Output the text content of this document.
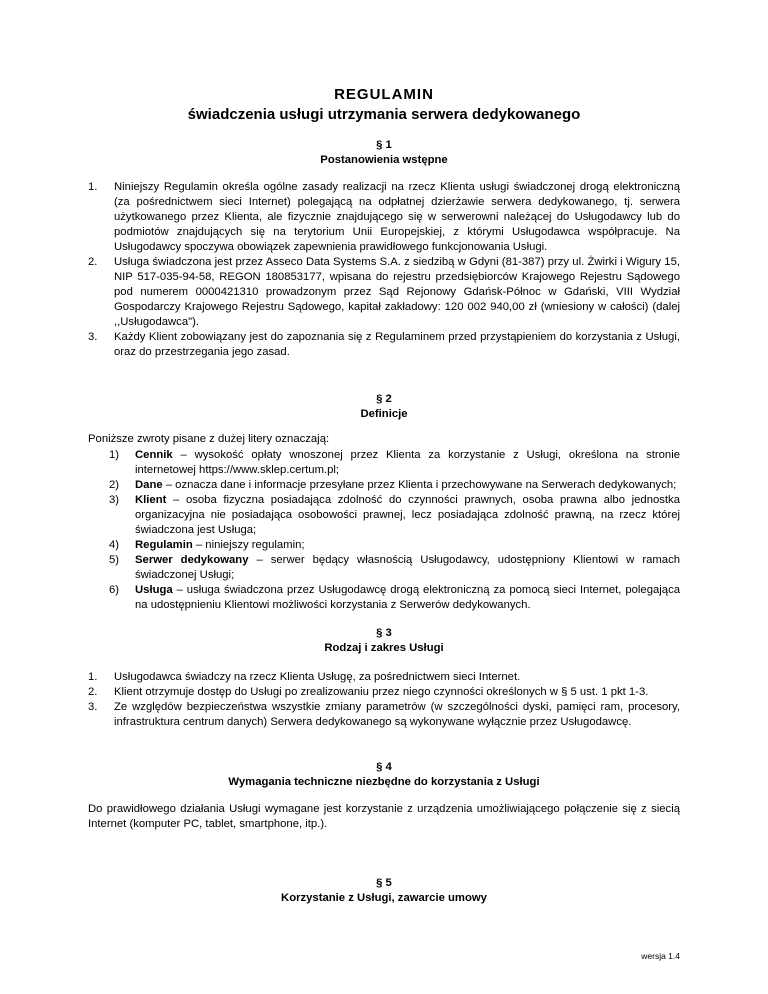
REGULAMIN
świadczenia usługi utrzymania serwera dedykowanego
§ 1
Postanowienia wstępne
1. Niniejszy Regulamin określa ogólne zasady realizacji na rzecz Klienta usługi świadczonej drogą elektroniczną (za pośrednictwem sieci Internet) polegającą na odpłatnej dzierżawie serwera dedykowanego, tj. serwera użytkowanego przez Klienta, ale fizycznie znajdującego się w serwerowni należącej do Usługodawcy lub do podmiotów znajdujących się na terytorium Unii Europejskiej, z którymi Usługodawca współpracuje. Na Usługodawcy spoczywa obowiązek zapewnienia prawidłowego funkcjonowania Usługi.
2. Usługa świadczona jest przez Asseco Data Systems S.A. z siedzibą w Gdyni (81-387) przy ul. Żwirki i Wigury 15, NIP 517-035-94-58, REGON 180853177, wpisana do rejestru przedsiębiorców Krajowego Rejestru Sądowego pod numerem 0000421310 prowadzonym przez Sąd Rejonowy Gdańsk-Północ w Gdański, VIII Wydział Gospodarczy Krajowego Rejestru Sądowego, kapitał zakładowy: 120 002 940,00 zł (wniesiony w całości) (dalej ,,Usługodawca").
3. Każdy Klient zobowiązany jest do zapoznania się z Regulaminem przed przystąpieniem do korzystania z Usługi, oraz do przestrzegania jego zasad.
§ 2
Definicje
Poniższe zwroty pisane z dużej litery oznaczają:
1) Cennik – wysokość opłaty wnoszonej przez Klienta za korzystanie z Usługi, określona na stronie internetowej https://www.sklep.certum.pl;
2) Dane – oznacza dane i informacje przesyłane przez Klienta i przechowywane na Serwerach dedykowanych;
3) Klient – osoba fizyczna posiadająca zdolność do czynności prawnych, osoba prawna albo jednostka organizacyjna nie posiadająca osobowości prawnej, lecz posiadająca zdolność prawną, na rzecz której świadczona jest Usługa;
4) Regulamin – niniejszy regulamin;
5) Serwer dedykowany – serwer będący własnością Usługodawcy, udostępniony Klientowi w ramach świadczonej Usługi;
6) Usługa – usługa świadczona przez Usługodawcę drogą elektroniczną za pomocą sieci Internet, polegająca na udostępnieniu Klientowi możliwości korzystania z Serwerów dedykowanych.
§ 3
Rodzaj i zakres Usługi
1. Usługodawca świadczy na rzecz Klienta Usługę, za pośrednictwem sieci Internet.
2. Klient otrzymuje dostęp do Usługi po zrealizowaniu przez niego czynności określonych w § 5 ust. 1 pkt 1-3.
3. Ze względów bezpieczeństwa wszystkie zmiany parametrów (w szczególności dyski, pamięci ram, procesory, infrastruktura centrum danych) Serwera dedykowanego są wykonywane wyłącznie przez Usługodawcę.
§ 4
Wymagania techniczne niezbędne do korzystania z Usługi
Do prawidłowego działania Usługi wymagane jest korzystanie z urządzenia umożliwiającego połączenie się z siecią Internet (komputer PC, tablet, smartphone, itp.).
§ 5
Korzystanie z Usługi, zawarcie umowy
wersja 1.4
